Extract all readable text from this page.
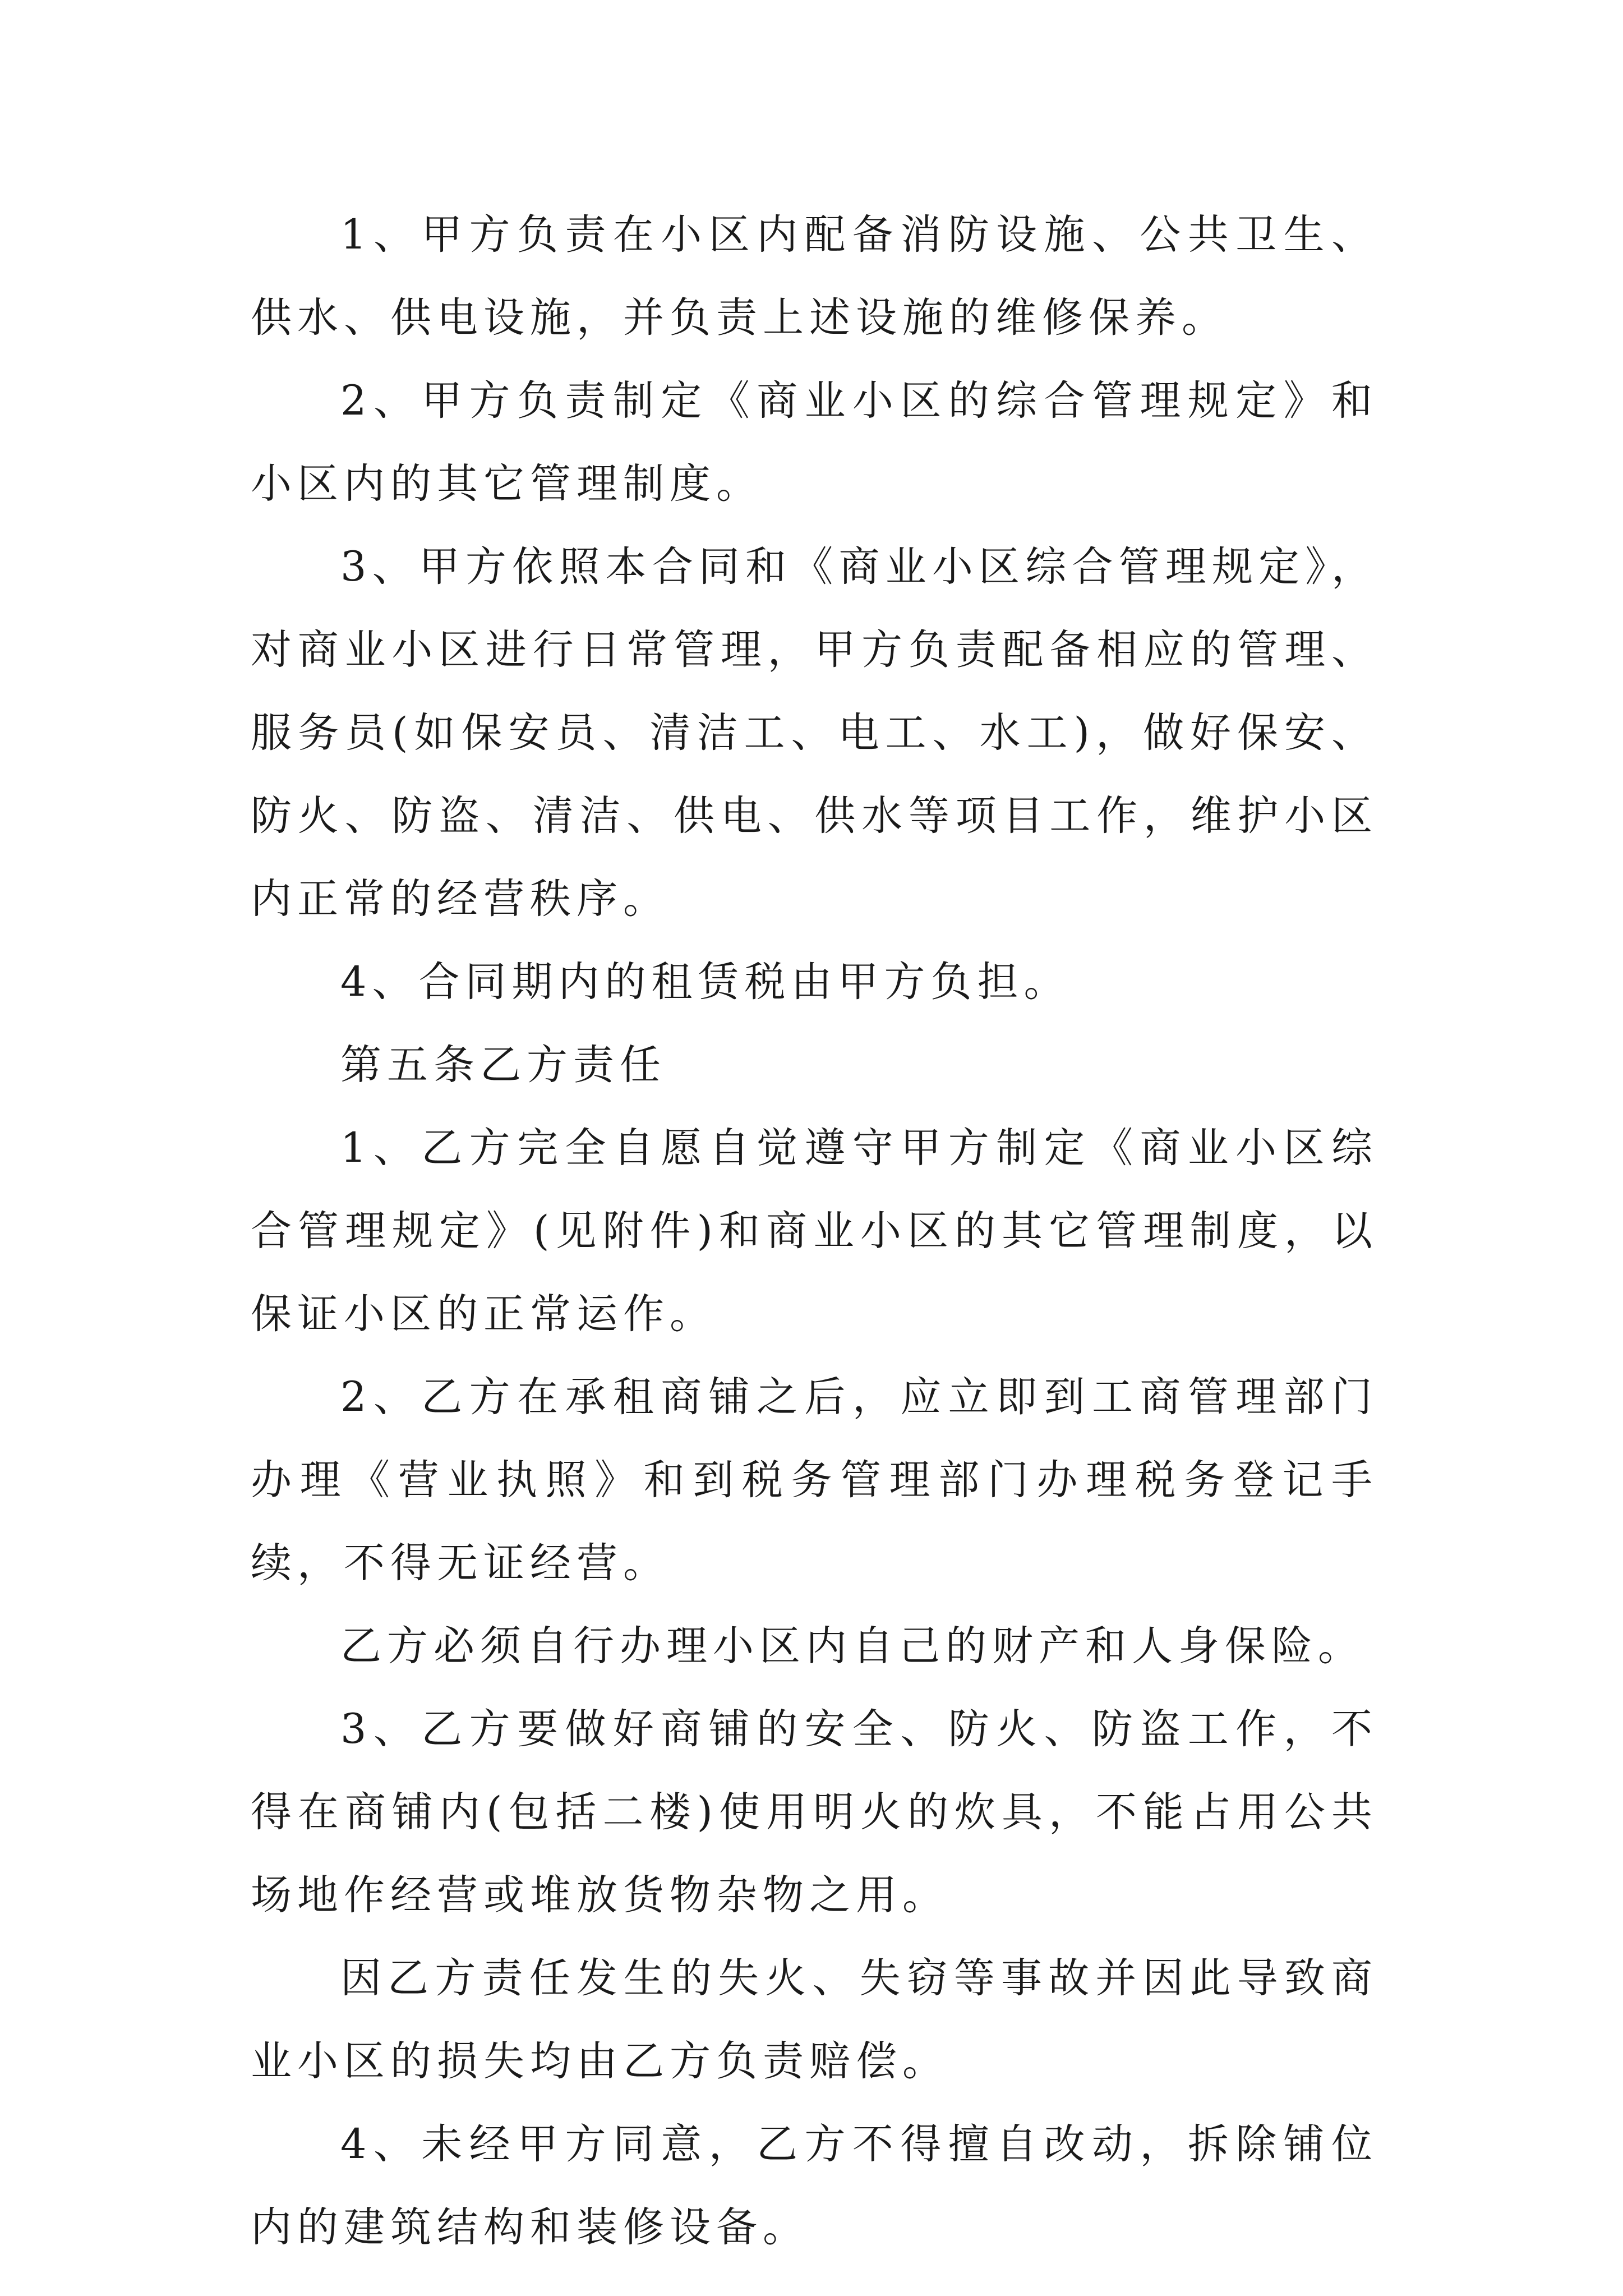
1、甲方负责在小区内配备消防设施、公共卫生、供水、供电设施，并负责上述设施的维修保养。

2、甲方负责制定《商业小区的综合管理规定》和小区内的其它管理制度。

3、甲方依照本合同和《商业小区综合管理规定》，对商业小区进行日常管理，甲方负责配备相应的管理、服务员(如保安员、清洁工、电工、水工)，做好保安、防火、防盗、清洁、供电、供水等项目工作，维护小区内正常的经营秩序。

4、合同期内的租赁税由甲方负担。

第五条乙方责任

1、乙方完全自愿自觉遵守甲方制定《商业小区综合管理规定》(见附件)和商业小区的其它管理制度，以保证小区的正常运作。

2、乙方在承租商铺之后，应立即到工商管理部门办理《营业执照》和到税务管理部门办理税务登记手续，不得无证经营。

乙方必须自行办理小区内自己的财产和人身保险。

3、乙方要做好商铺的安全、防火、防盗工作，不得在商铺内(包括二楼)使用明火的炊具，不能占用公共场地作经营或堆放货物杂物之用。

因乙方责任发生的失火、失窃等事故并因此导致商业小区的损失均由乙方负责赔偿。

4、未经甲方同意，乙方不得擅自改动，拆除铺位内的建筑结构和装修设备。
